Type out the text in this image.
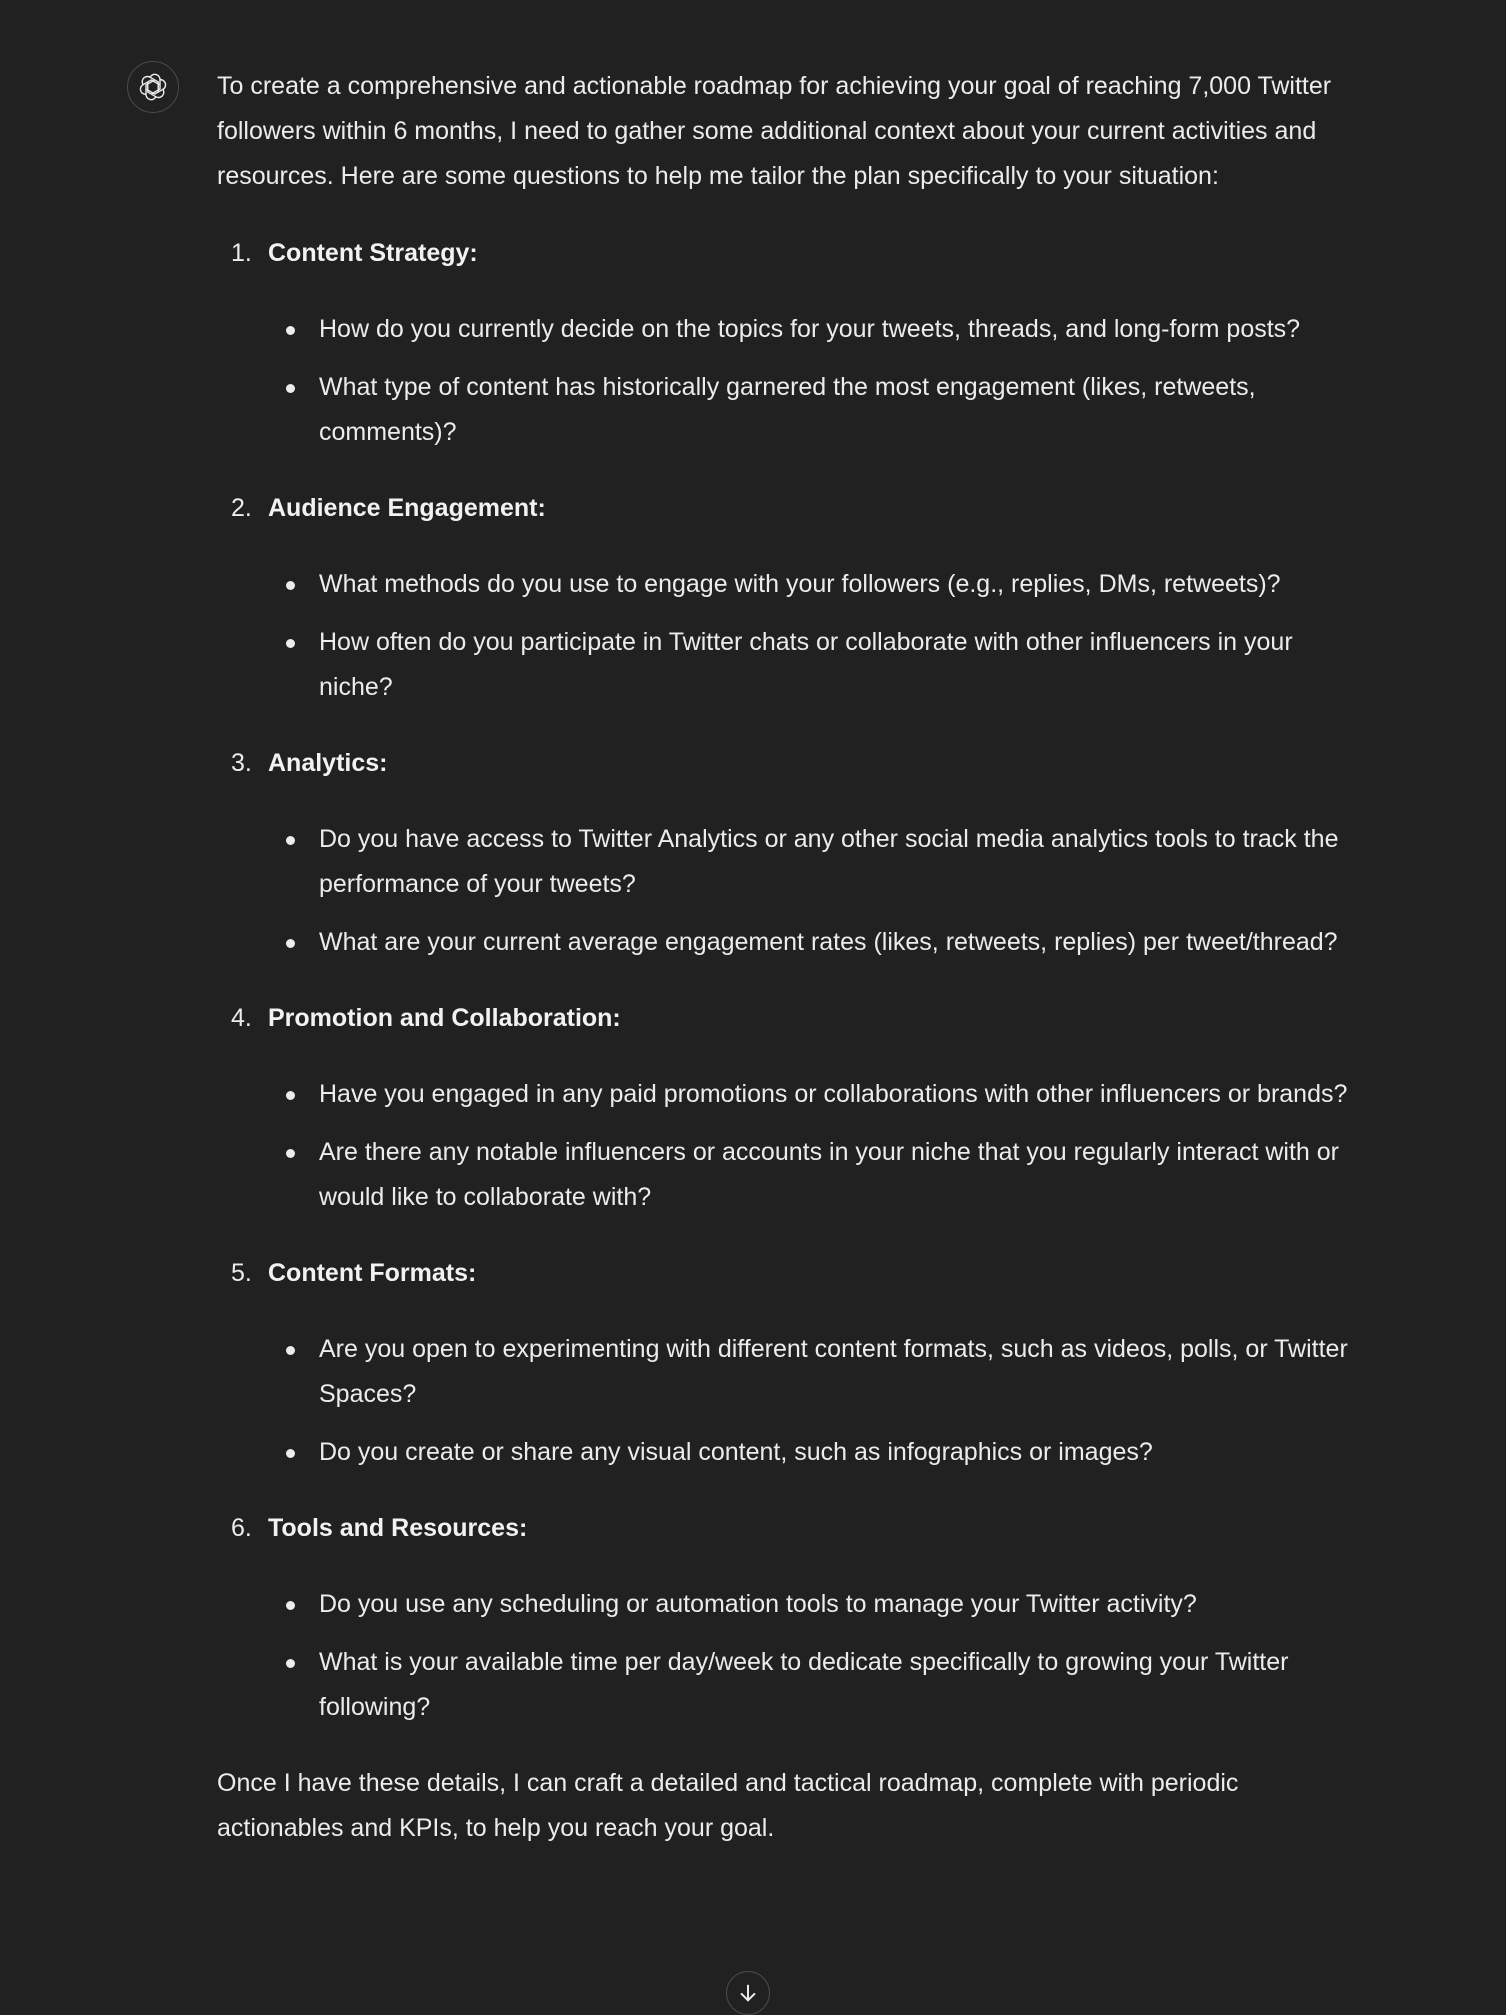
To create a comprehensive and actionable roadmap for achieving your goal of reaching 7,000 Twitter followers within 6 months, I need to gather some additional context about your current activities and resources. Here are some questions to help me tailor the plan specifically to your situation:

1. Content Strategy:
How do you currently decide on the topics for your tweets, threads, and long-form posts?
What type of content has historically garnered the most engagement (likes, retweets, comments)?
2. Audience Engagement:
What methods do you use to engage with your followers (e.g., replies, DMs, retweets)?
How often do you participate in Twitter chats or collaborate with other influencers in your niche?
3. Analytics:
Do you have access to Twitter Analytics or any other social media analytics tools to track the performance of your tweets?
What are your current average engagement rates (likes, retweets, replies) per tweet/thread?
4. Promotion and Collaboration:
Have you engaged in any paid promotions or collaborations with other influencers or brands?
Are there any notable influencers or accounts in your niche that you regularly interact with or would like to collaborate with?
5. Content Formats:
Are you open to experimenting with different content formats, such as videos, polls, or Twitter Spaces?
Do you create or share any visual content, such as infographics or images?
6. Tools and Resources:
Do you use any scheduling or automation tools to manage your Twitter activity?
What is your available time per day/week to dedicate specifically to growing your Twitter following?

Once I have these details, I can craft a detailed and tactical roadmap, complete with periodic actionables and KPIs, to help you reach your goal.
